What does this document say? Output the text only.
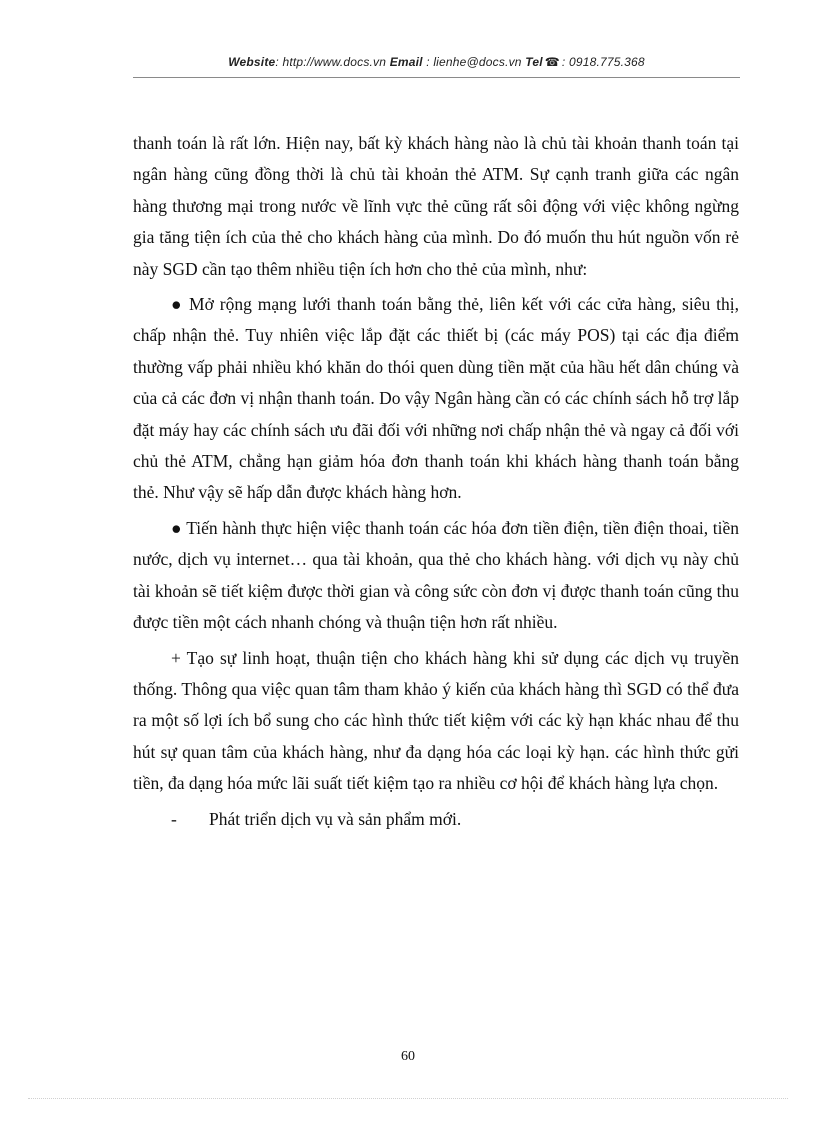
Website: http://www.docs.vn Email : lienhe@docs.vn Tel ☎ : 0918.775.368

thanh toán là rất lớn. Hiện nay, bất kỳ khách hàng nào là chủ tài khoản thanh toán tại ngân hàng cũng đồng thời là chủ tài khoản thẻ ATM. Sự cạnh tranh giữa các ngân hàng thương mại trong nước về lĩnh vực thẻ cũng rất sôi động với việc không ngừng gia tăng tiện ích của thẻ cho khách hàng của mình. Do đó muốn thu hút nguồn vốn rẻ này SGD cần tạo thêm nhiều tiện ích hơn cho thẻ của mình, như:

● Mở rộng mạng lưới thanh toán bằng thẻ, liên kết với các cửa hàng, siêu thị, chấp nhận thẻ. Tuy nhiên việc lắp đặt các thiết bị (các máy POS) tại các địa điểm thường vấp phải nhiều khó khăn do thói quen dùng tiền mặt của hầu hết dân chúng và của cả các đơn vị nhận thanh toán. Do vậy Ngân hàng cần có các chính sách hỗ trợ lắp đặt máy hay các chính sách ưu đãi đối với những nơi chấp nhận thẻ và ngay cả đối với chủ thẻ ATM, chẳng hạn giảm hóa đơn thanh toán khi khách hàng thanh toán bằng thẻ. Như vậy sẽ hấp dẫn được khách hàng hơn.

● Tiến hành thực hiện việc thanh toán các hóa đơn tiền điện, tiền điện thoai, tiền nước, dịch vụ internet… qua tài khoản, qua thẻ cho khách hàng. với dịch vụ này chủ tài khoản sẽ tiết kiệm được thời gian và công sức còn đơn vị được thanh toán cũng thu được tiền một cách nhanh chóng và thuận tiện hơn rất nhiều.

+ Tạo sự linh hoạt, thuận tiện cho khách hàng khi sử dụng các dịch vụ truyền thống. Thông qua việc quan tâm tham khảo ý kiến của khách hàng thì SGD có thể đưa ra một số lợi ích bổ sung cho các hình thức tiết kiệm với các kỳ hạn khác nhau để thu hút sự quan tâm của khách hàng, như đa dạng hóa các loại kỳ hạn. các hình thức gửi tiền, đa dạng hóa mức lãi suất tiết kiệm tạo ra nhiều cơ hội để khách hàng lựa chọn.

- Phát triển dịch vụ và sản phẩm mới.

60
